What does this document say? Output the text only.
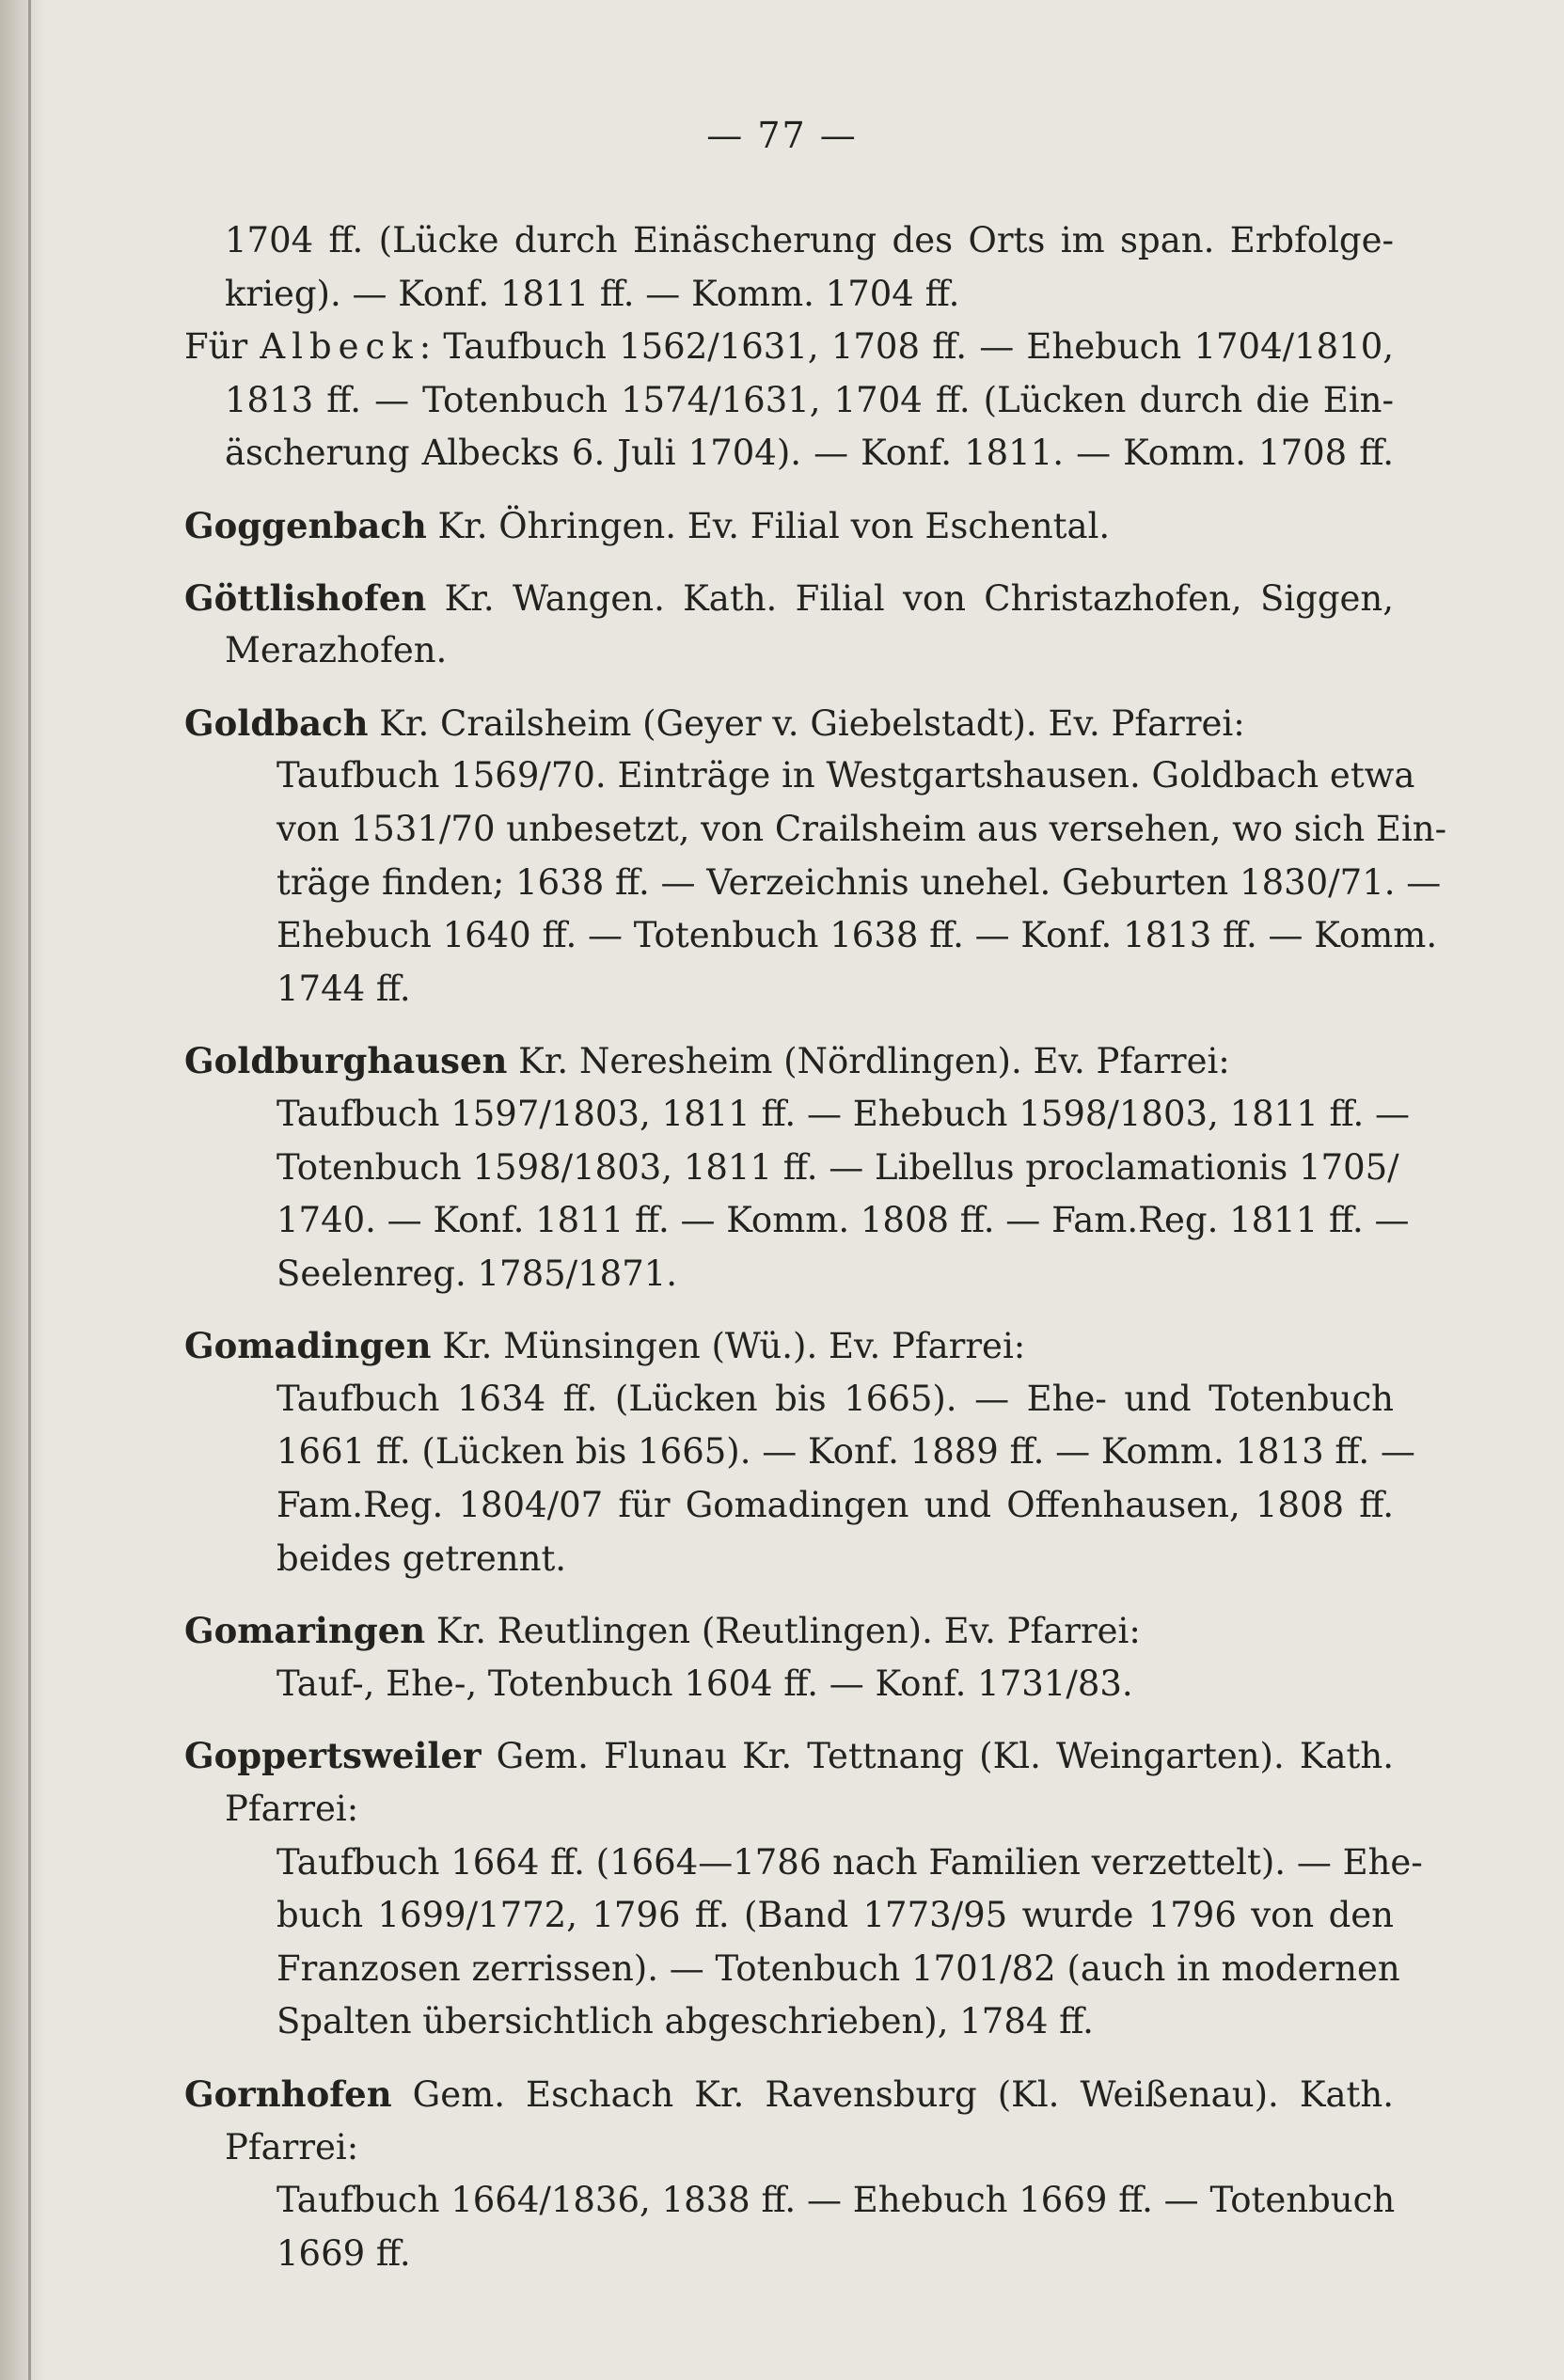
— 77 —
1704 ff. (Lücke durch Einäscherung des Orts im span. Erbfolge-
krieg). — Konf. 1811 ff. — Komm. 1704 ff.
Für Albeck: Taufbuch 1562/1631, 1708 ff. — Ehebuch 1704/1810,
1813 ff. — Totenbuch 1574/1631, 1704 ff. (Lücken durch die Ein-
äscherung Albecks 6. Juli 1704). — Konf. 1811. — Komm. 1708 ff.
Goggenbach Kr. Öhringen. Ev. Filial von Eschental.
Göttlishofen Kr. Wangen. Kath. Filial von Christazhofen, Siggen,
Merazhofen.
Goldbach Kr. Crailsheim (Geyer v. Giebelstadt). Ev. Pfarrei:
Taufbuch 1569/70. Einträge in Westgartshausen. Goldbach etwa
von 1531/70 unbesetzt, von Crailsheim aus versehen, wo sich Ein-
träge finden; 1638 ff. — Verzeichnis unehel. Geburten 1830/71. —
Ehebuch 1640 ff. — Totenbuch 1638 ff. — Konf. 1813 ff. — Komm.
1744 ff.
Goldburghausen Kr. Neresheim (Nördlingen). Ev. Pfarrei:
Taufbuch 1597/1803, 1811 ff. — Ehebuch 1598/1803, 1811 ff. —
Totenbuch 1598/1803, 1811 ff. — Libellus proclamationis 1705/
1740. — Konf. 1811 ff. — Komm. 1808 ff. — Fam.Reg. 1811 ff. —
Seelenreg. 1785/1871.
Gomadingen Kr. Münsingen (Wü.). Ev. Pfarrei:
Taufbuch 1634 ff. (Lücken bis 1665). — Ehe- und Totenbuch
1661 ff. (Lücken bis 1665). — Konf. 1889 ff. — Komm. 1813 ff. —
Fam.Reg. 1804/07 für Gomadingen und Offenhausen, 1808 ff.
beides getrennt.
Gomaringen Kr. Reutlingen (Reutlingen). Ev. Pfarrei:
Tauf-, Ehe-, Totenbuch 1604 ff. — Konf. 1731/83.
Goppertsweiler Gem. Flunau Kr. Tettnang (Kl. Weingarten). Kath.
Pfarrei:
Taufbuch 1664 ff. (1664—1786 nach Familien verzettelt). — Ehe-
buch 1699/1772, 1796 ff. (Band 1773/95 wurde 1796 von den
Franzosen zerrissen). — Totenbuch 1701/82 (auch in modernen
Spalten übersichtlich abgeschrieben), 1784 ff.
Gornhofen Gem. Eschach Kr. Ravensburg (Kl. Weißenau). Kath.
Pfarrei:
Taufbuch 1664/1836, 1838 ff. — Ehebuch 1669 ff. — Totenbuch
1669 ff.
